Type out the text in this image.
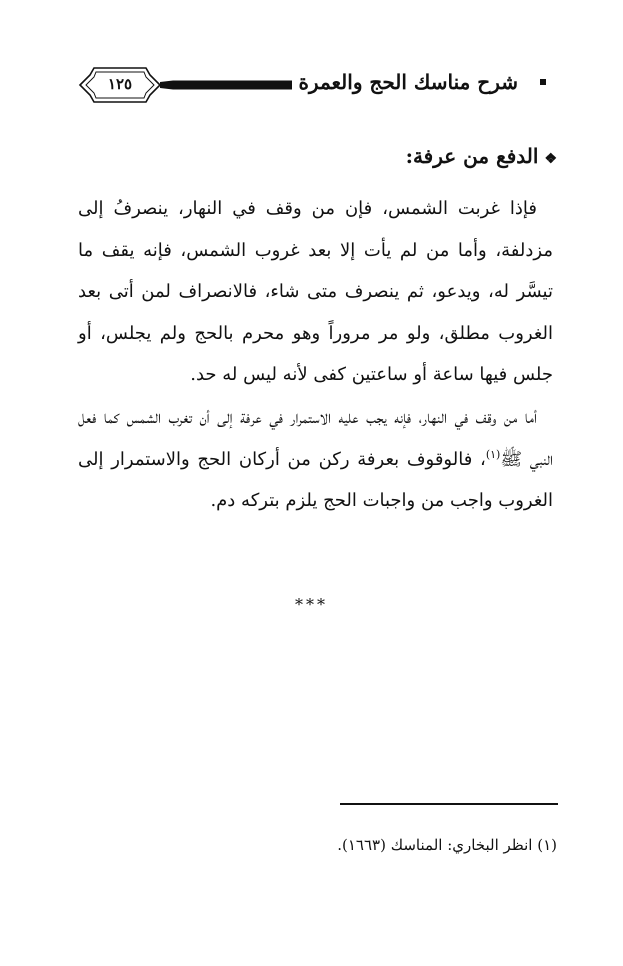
١٢٥	شرح مناسك الحج والعمرة
❖الدفع من عرفة:

فإذا غربت الشمس، فإن من وقف في النهار، ينصرفُ إلى مزدلفة، وأما من لم يأت إلا بعد غروب الشمس، فإنه يقف ما تيسَّر له، ويدعو، ثم ينصرف متى شاء، فالانصراف لمن أتى بعد الغروب مطلق، ولو مر مروراً وهو محرم بالحج ولم يجلس، أو جلس فيها ساعة أو ساعتين كفى لأنه ليس له حد.

أما من وقف في النهار، فإنه يجب عليه الاستمرار في عرفة إلى أن تغرب الشمس كما فعل النبي ﷺ$^{(١)}$، فالوقوف بعرفة ركن من أركان الحج والاستمرار إلى الغروب واجب من واجبات الحج يلزم بتركه دم.

***
(١) انظر البخاري: المناسك (١٦٦٣).
